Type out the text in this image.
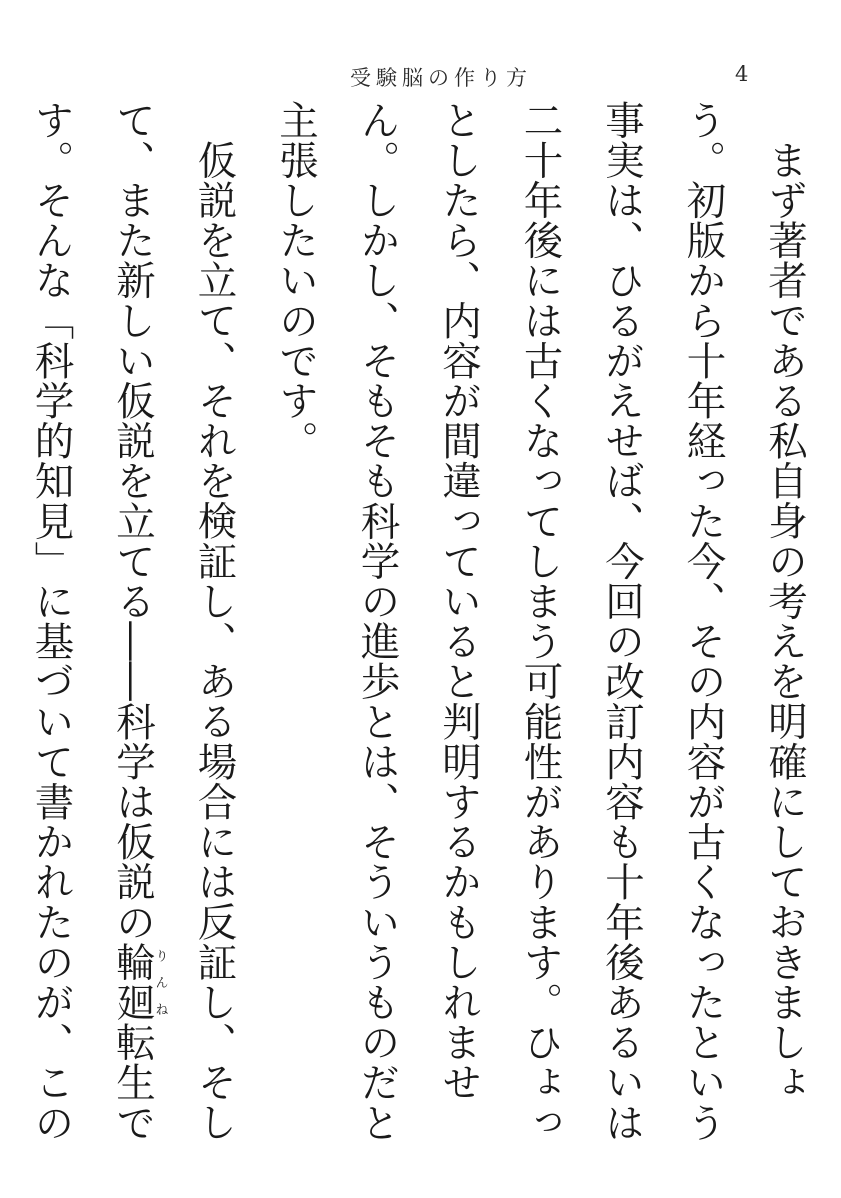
受験脳の作り方	4

まず著者である私自身の考えを明確にしておきましょう。初版から十年経った今、その内容が古くなったという事実は、ひるがえせば、今回の改訂内容も十年後あるいは二十年後には古くなってしまう可能性があります。ひょっとしたら、内容が間違っていると判明するかもしれません。しかし、そもそも科学の進歩とは、そういうものだと主張したいのです。

仮説を立て、それを検証し、ある場合には反証し、そして、また新しい仮説を立てる――科学は仮説の輪廻りんね転生です。そんな「科学的知見」に基づいて書かれたのが、この
